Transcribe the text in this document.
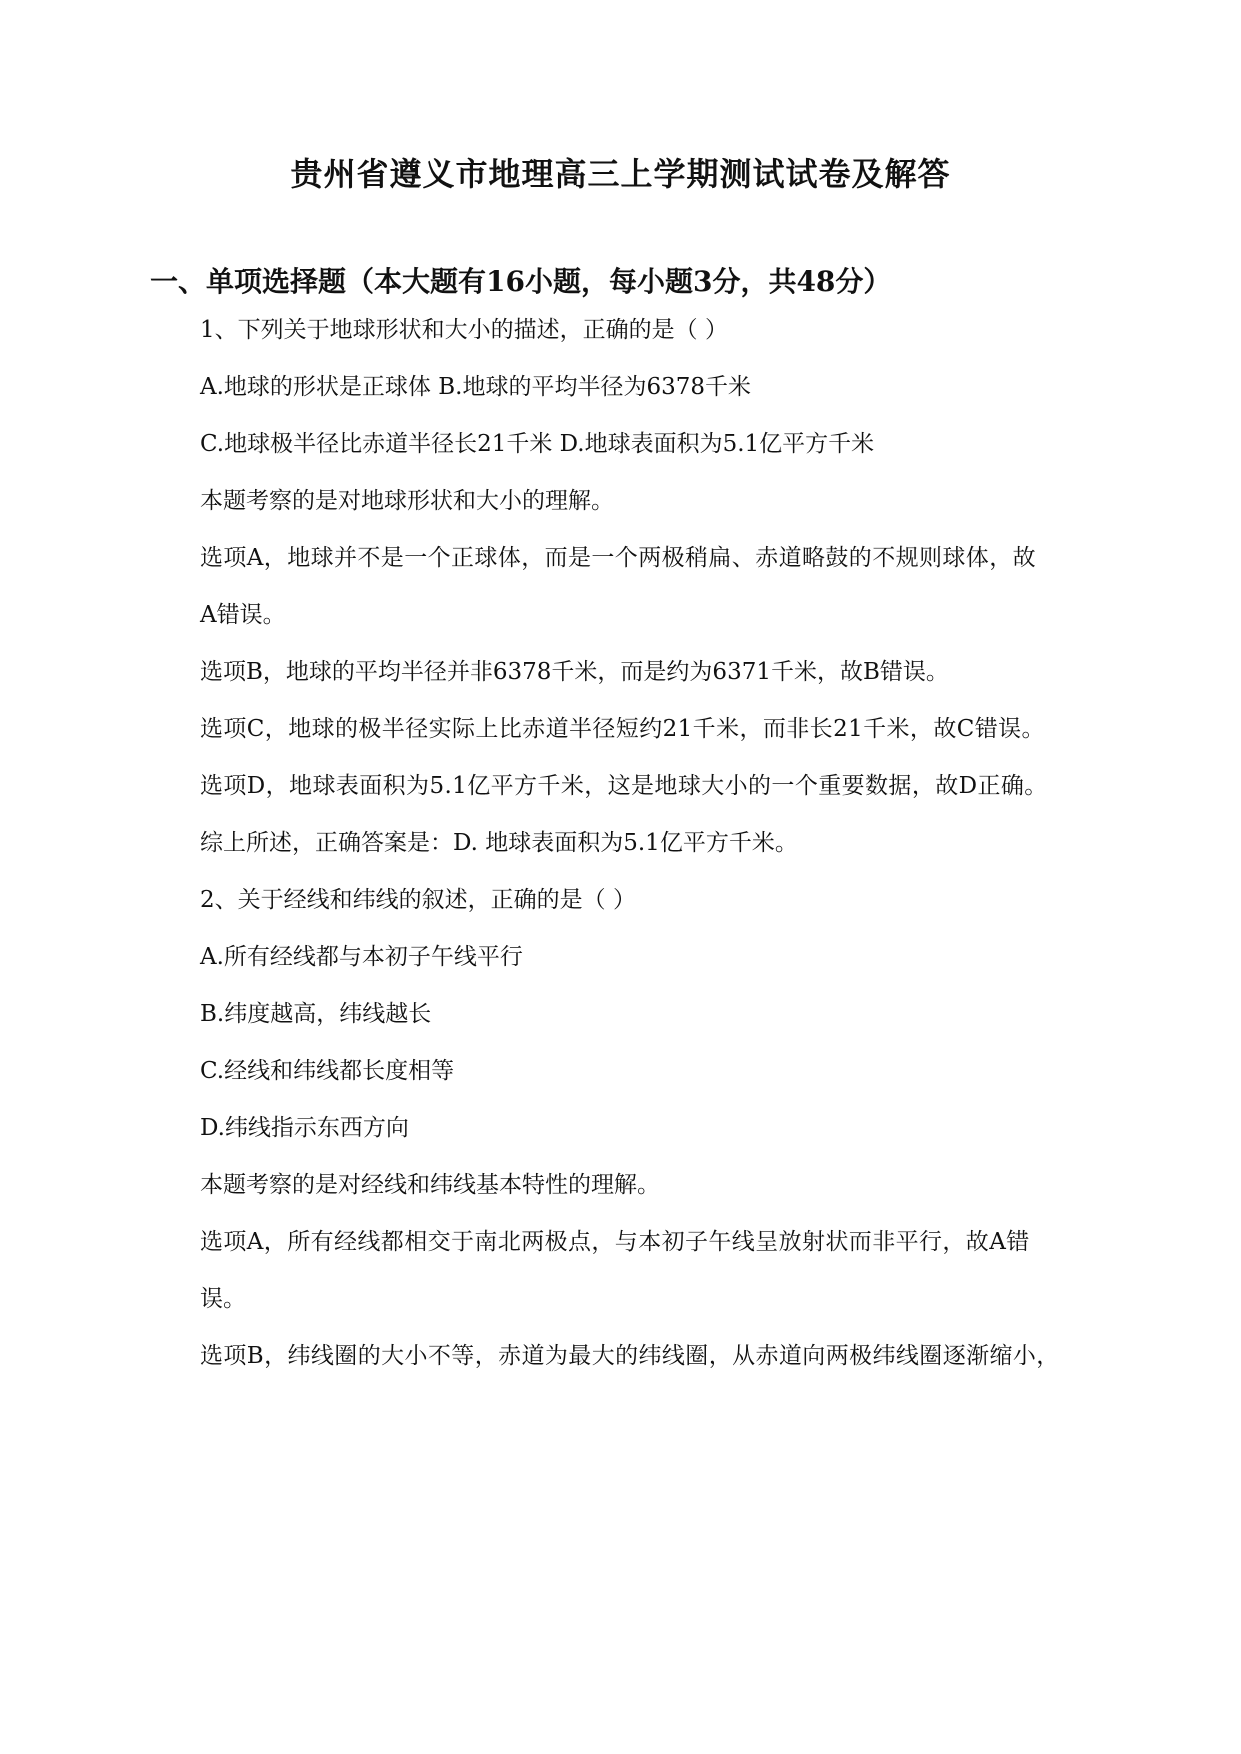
贵州省遵义市地理高三上学期测试试卷及解答
一、单项选择题（本大题有16小题，每小题3分，共48分）
1、下列关于地球形状和大小的描述，正确的是（ ）
A.地球的形状是正球体 B.地球的平均半径为6378千米
C.地球极半径比赤道半径长21千米 D.地球表面积为5.1亿平方千米
本题考察的是对地球形状和大小的理解。
选项A，地球并不是一个正球体，而是一个两极稍扁、赤道略鼓的不规则球体，故
A错误。
选项B，地球的平均半径并非6378千米，而是约为6371千米，故B错误。
选项C，地球的极半径实际上比赤道半径短约21千米，而非长21千米，故C错误。
选项D，地球表面积为5.1亿平方千米，这是地球大小的一个重要数据，故D正确。
综上所述，正确答案是：D. 地球表面积为5.1亿平方千米。
2、关于经线和纬线的叙述，正确的是（ ）
A.所有经线都与本初子午线平行
B.纬度越高，纬线越长
C.经线和纬线都长度相等
D.纬线指示东西方向
本题考察的是对经线和纬线基本特性的理解。
选项A，所有经线都相交于南北两极点，与本初子午线呈放射状而非平行，故A错
误。
选项B，纬线圈的大小不等，赤道为最大的纬线圈，从赤道向两极纬线圈逐渐缩小，
